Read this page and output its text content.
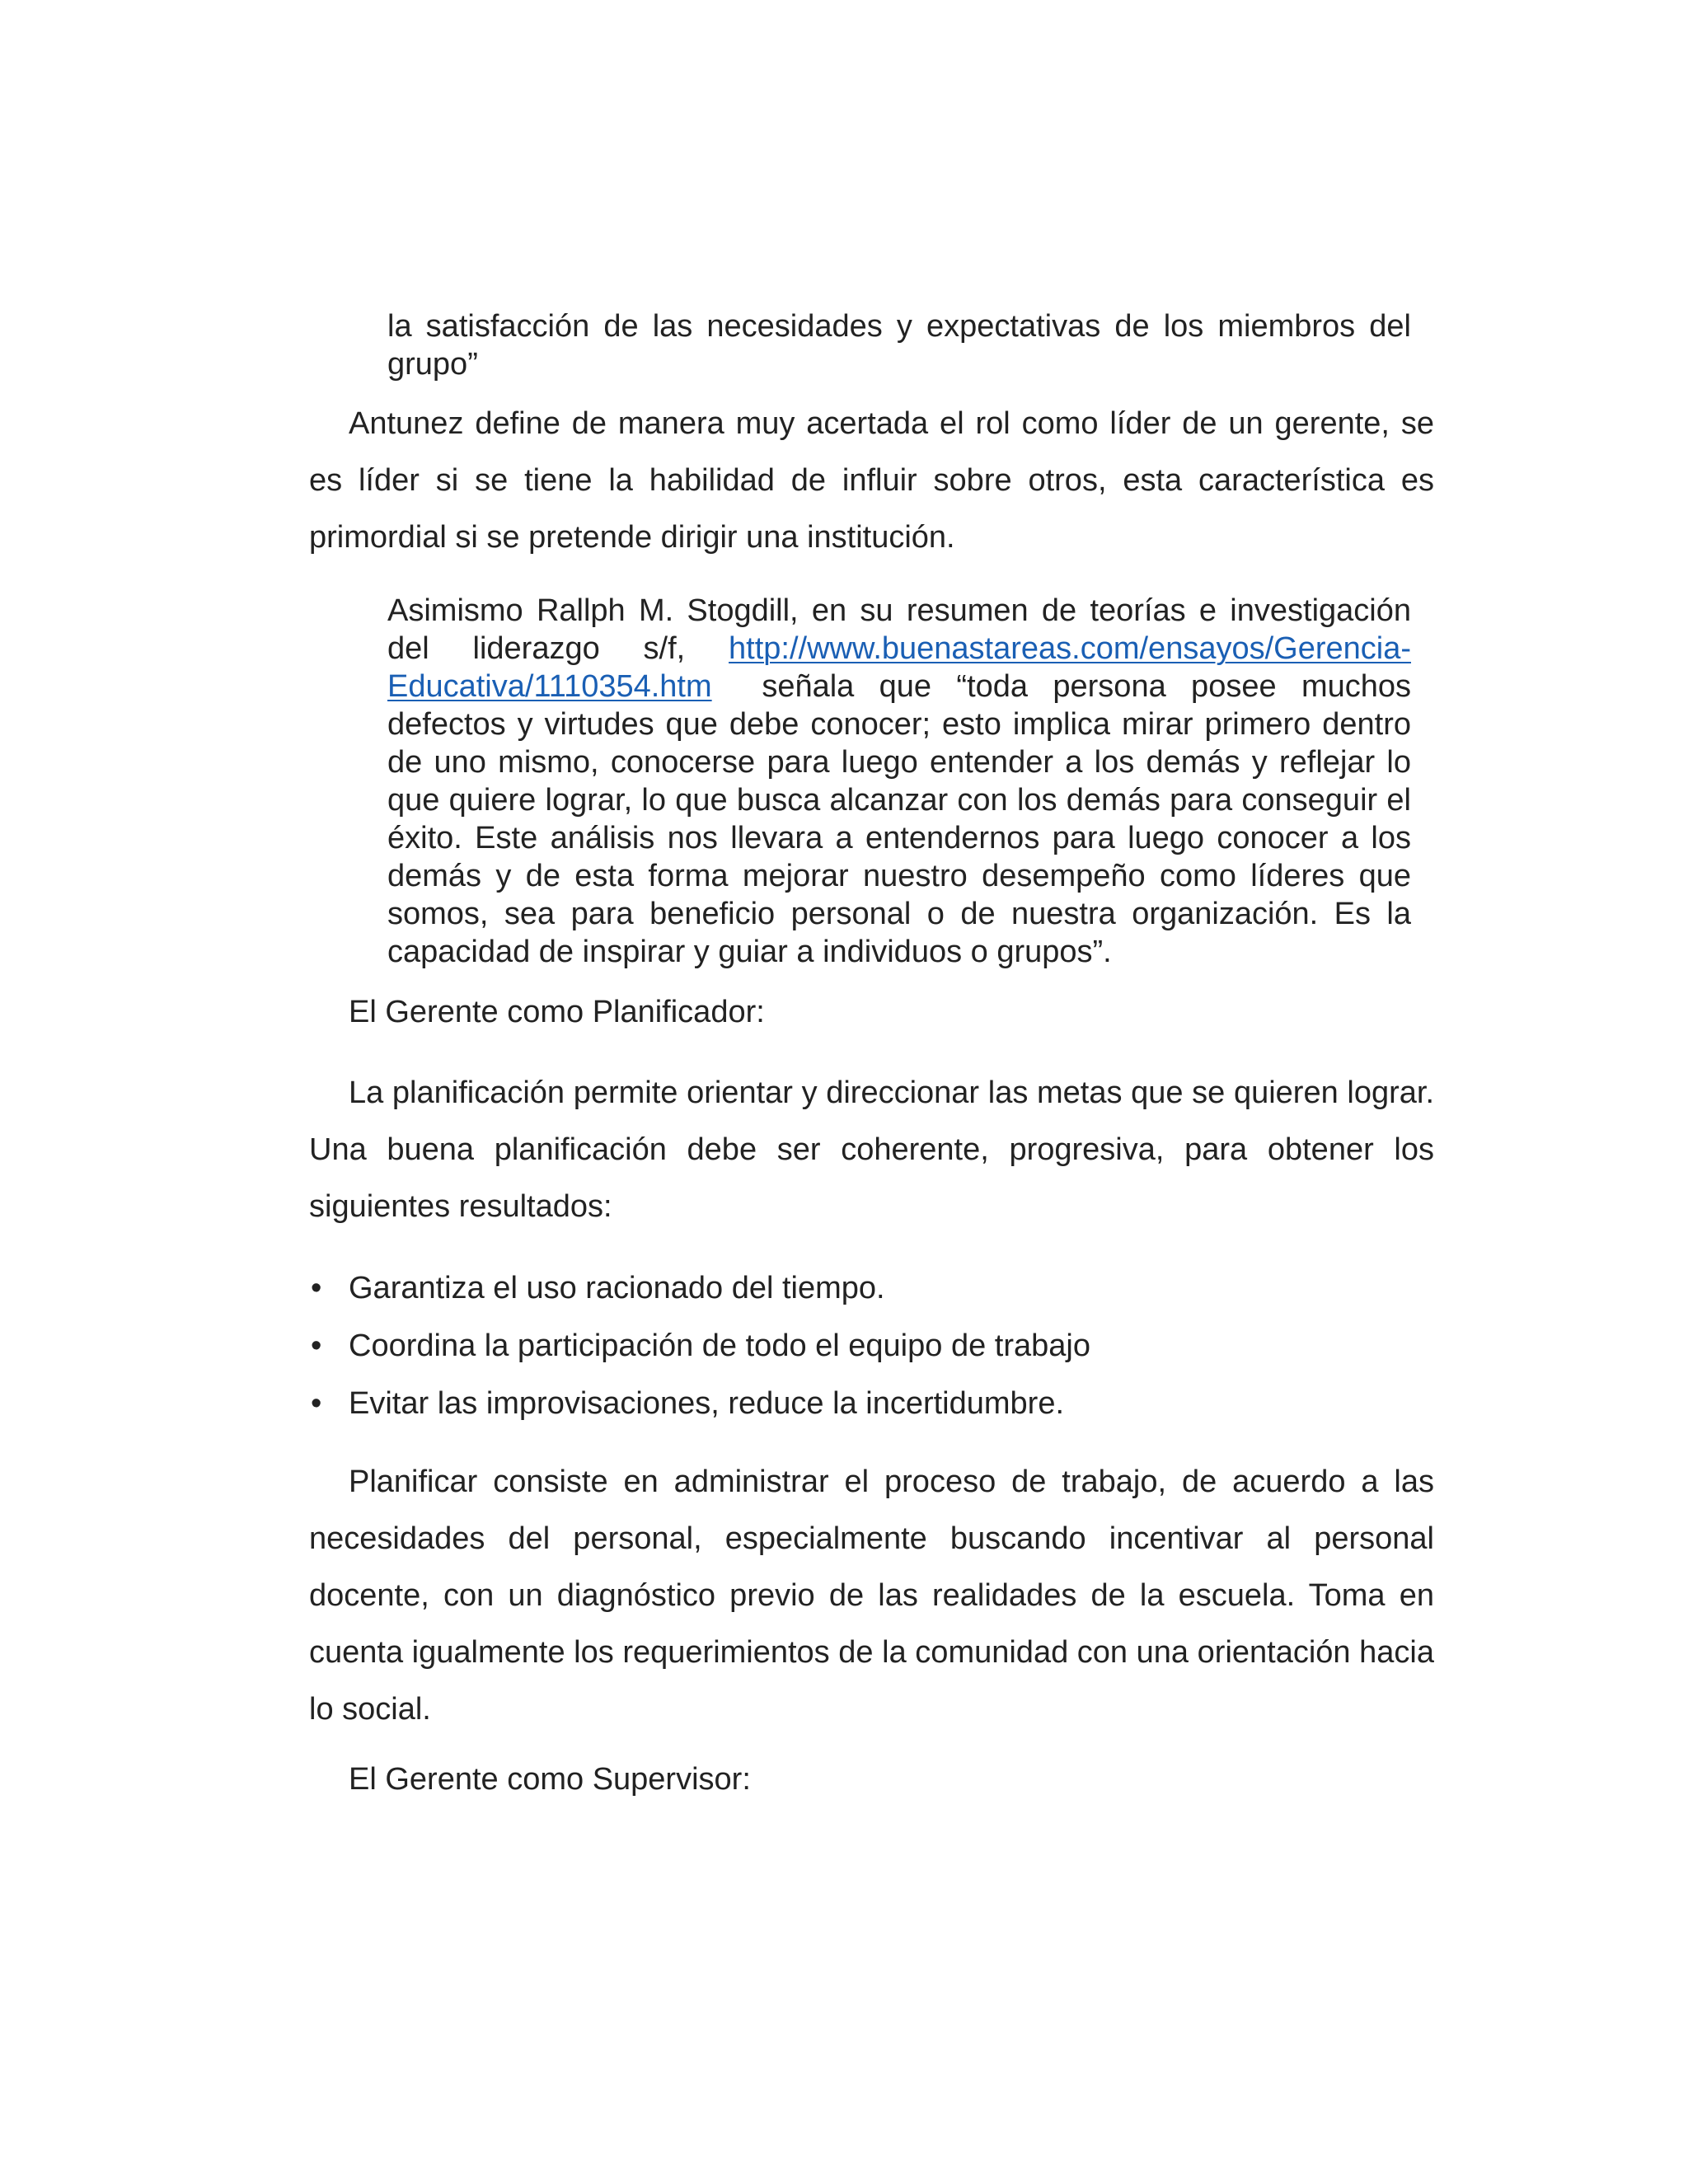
la satisfacción de las necesidades y expectativas de los miembros del grupo”

Antunez define de manera muy acertada el rol como líder de un gerente, se es líder si se tiene la habilidad de influir sobre otros, esta característica es primordial si se pretende dirigir una institución.

Asimismo Rallph M. Stogdill, en su resumen de teorías e investigación del liderazgo s/f, http://www.buenastareas.com/ensayos/Gerencia-Educativa/1110354.htm  señala que “toda persona posee muchos defectos y virtudes que debe conocer; esto implica mirar primero dentro de uno mismo, conocerse para luego entender a los demás y reflejar lo que quiere lograr, lo que busca alcanzar con los demás para conseguir el éxito. Este análisis nos llevara a entendernos para luego conocer a los demás y de esta forma mejorar nuestro desempeño como líderes que somos, sea para beneficio personal o de nuestra organización. Es la capacidad de inspirar y guiar a individuos o grupos”.

El Gerente como Planificador:

La planificación permite orientar y direccionar las metas que se quieren lograr. Una buena planificación debe ser coherente, progresiva, para obtener los siguientes resultados:

• Garantiza el uso racionado del tiempo.
• Coordina la participación de todo el equipo de trabajo
• Evitar las improvisaciones, reduce la incertidumbre.

Planificar consiste en administrar el proceso de trabajo, de acuerdo a las necesidades del personal, especialmente buscando incentivar al personal docente, con un diagnóstico previo de las realidades de la escuela. Toma en cuenta igualmente los requerimientos de la comunidad con una orientación hacia lo social.

El Gerente como Supervisor:
